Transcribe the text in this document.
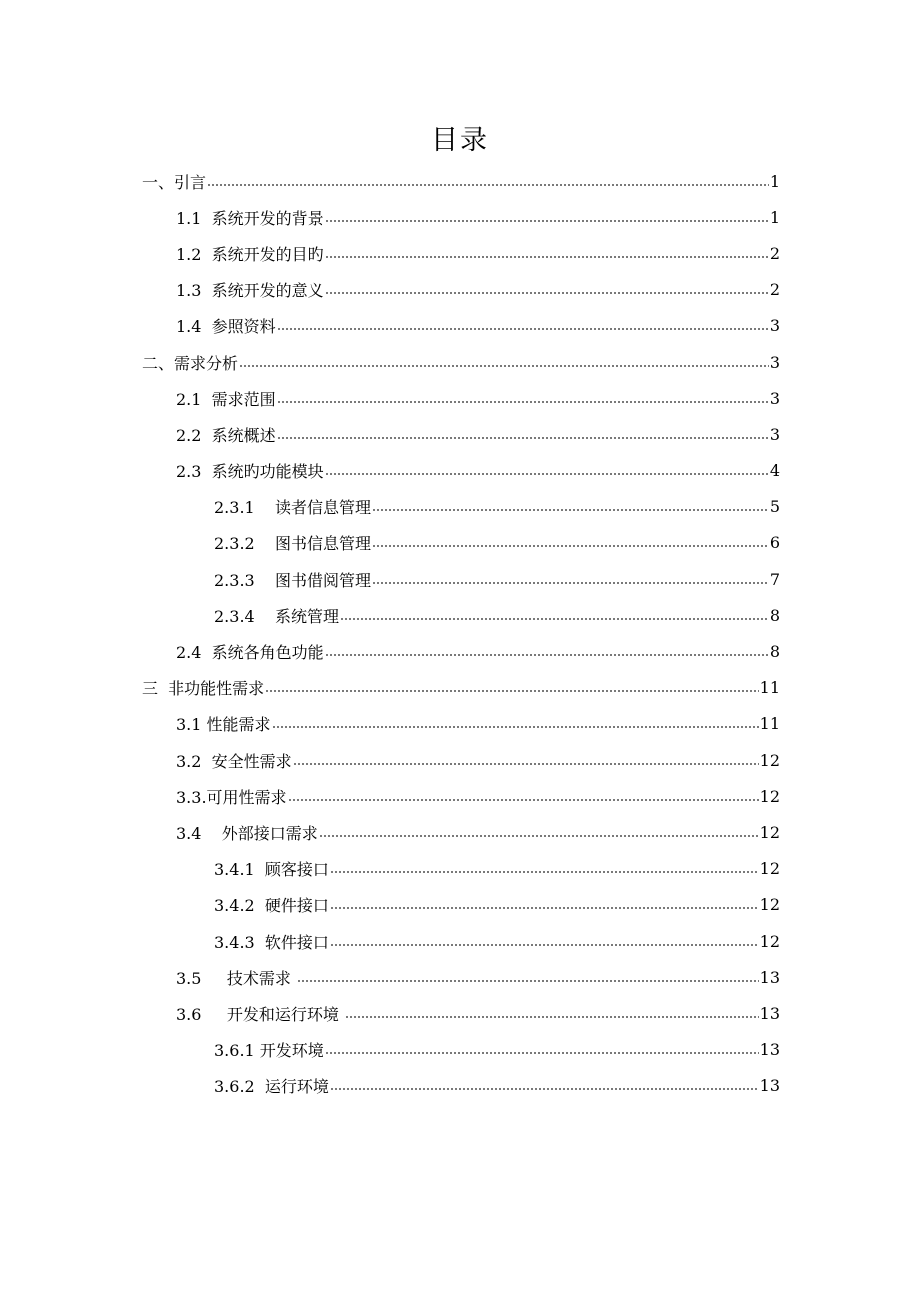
目录
一、引言	1
1.1  系统开发的背景	1
1.2  系统开发的目旳	2
1.3  系统开发的意义	2
1.4  参照资料	3
二、需求分析	3
2.1  需求范围	3
2.2  系统概述	3
2.3  系统旳功能模块	4
2.3.1    读者信息管理	5
2.3.2    图书信息管理	6
2.3.3    图书借阅管理	7
2.3.4    系统管理	8
2.4  系统各角色功能	8
三  非功能性需求	11
3.1 性能需求	11
3.2  安全性需求	12
3.3.可用性需求	12
3.4    外部接口需求	12
3.4.1  顾客接口	12
3.4.2  硬件接口	12
3.4.3  软件接口	12
3.5     技术需求	13
3.6     开发和运行环境	13
3.6.1 开发环境	13
3.6.2  运行环境	13
